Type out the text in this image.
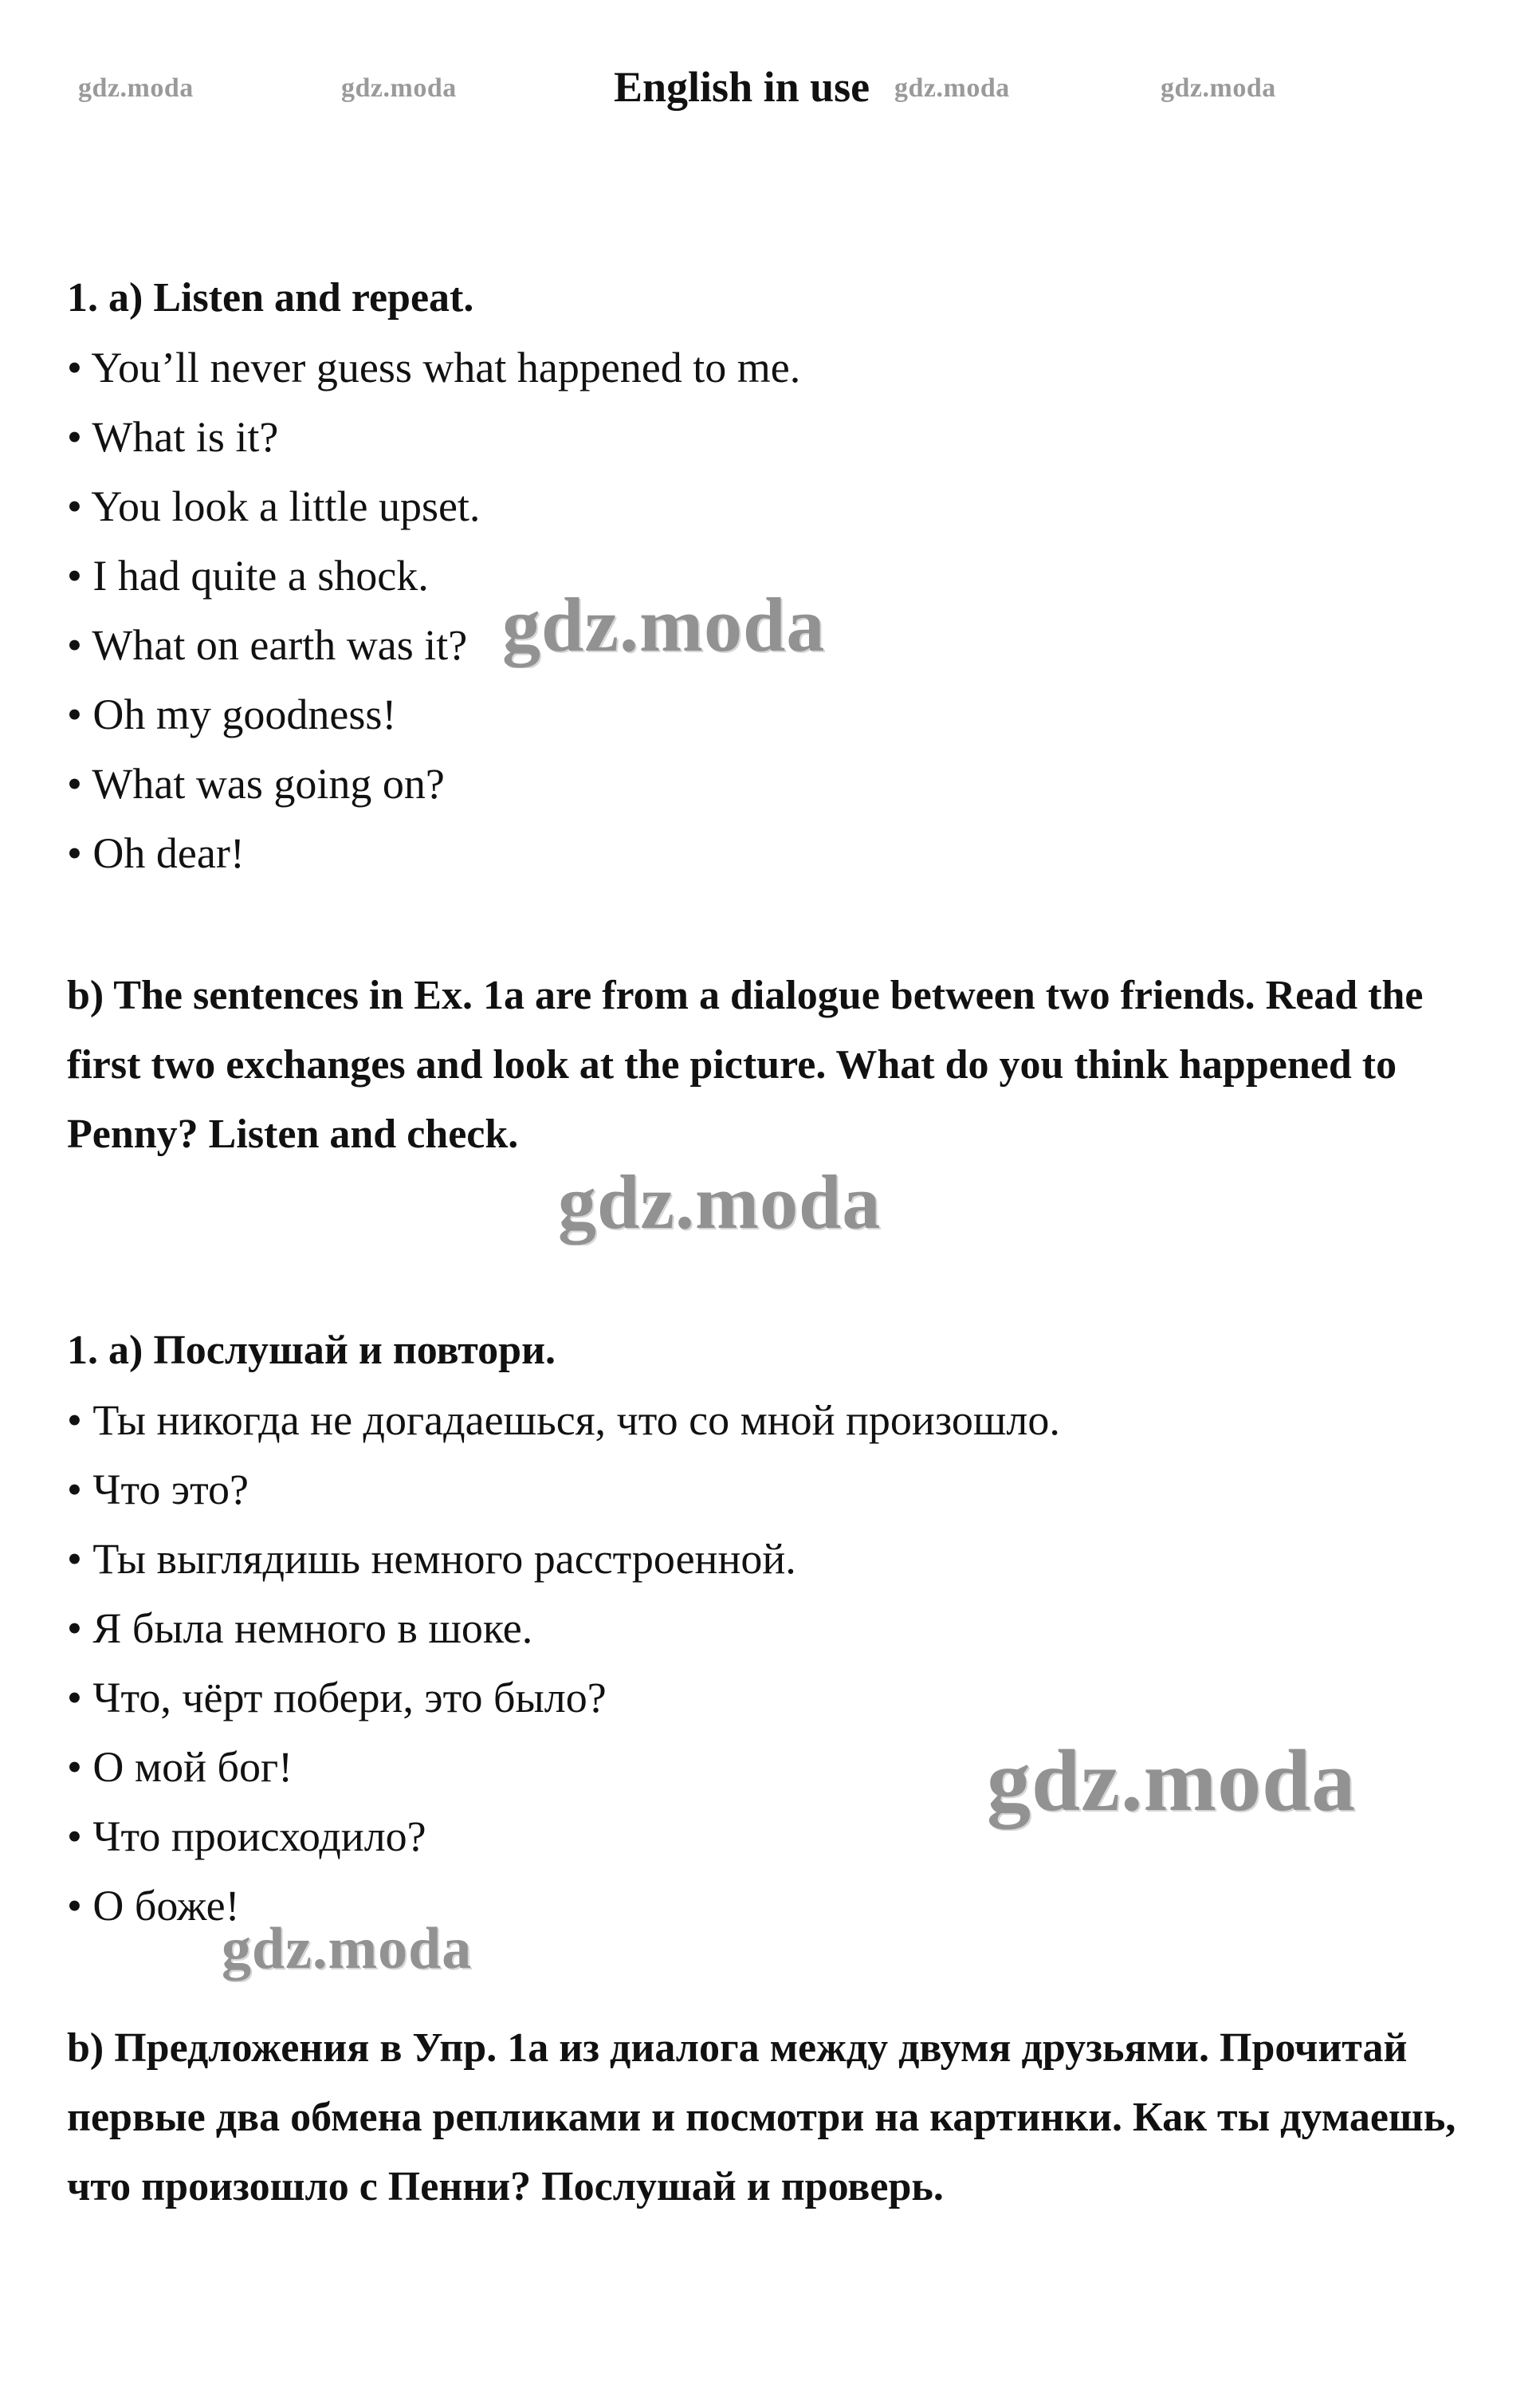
gdz.moda	gdz.moda	gdz.moda	gdz.moda
English in use
1. a) Listen and repeat.
• You’ll never guess what happened to me.
• What is it?
• You look a little upset.
• I had quite a shock.
• What on earth was it?
• Oh my goodness!
• What was going on?
• Oh dear!
b) The sentences in Ex. 1a are from a dialogue between two friends. Read the first two exchanges and look at the picture. What do you think happened to Penny? Listen and check.
1. а) Послушай и повтори.
• Ты никогда не догадаешься, что со мной произошло.
• Что это?
• Ты выглядишь немного расстроенной.
• Я была немного в шоке.
• Что, чёрт побери, это было?
• О мой бог!
• Что происходило?
• О боже!
b) Предложения в Упр. 1а из диалога между двумя друзьями. Прочитай первые два обмена репликами и посмотри на картинки. Как ты думаешь, что произошло с Пенни? Послушай и проверь.
gdz.moda
gdz.moda
gdz.moda
gdz.moda
